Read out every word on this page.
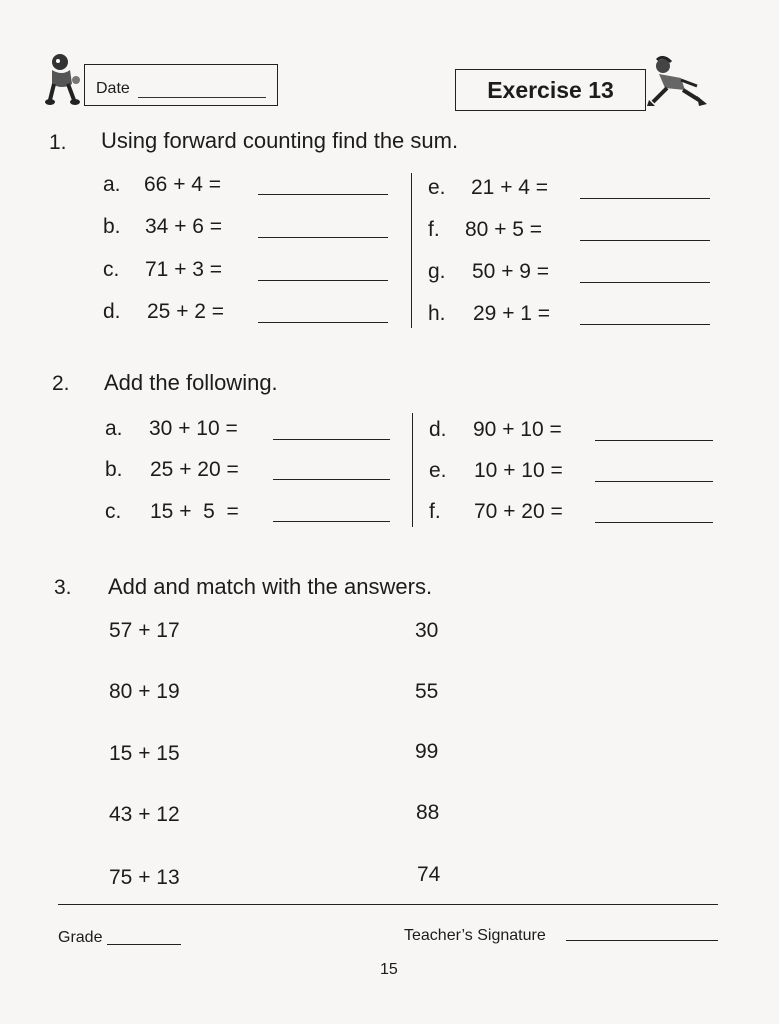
Date	Exercise 13
1. Using forward counting find the sum.
a. 66 + 4 =
b. 34 + 6 =
c. 71 + 3 =
d. 25 + 2 =
e. 21 + 4 =
f. 80 + 5 =
g. 50 + 9 =
h. 29 + 1 =
2. Add the following.
a. 30 + 10 =
b. 25 + 20 =
c. 15 +  5  =
d. 90 + 10 =
e. 10 + 10 =
f. 70 + 20 =
3. Add and match with the answers.
57 + 17
80 + 19
15 + 15
43 + 12
75 + 13
30
55
99
88
74
Grade	Teacher’s Signature
15
